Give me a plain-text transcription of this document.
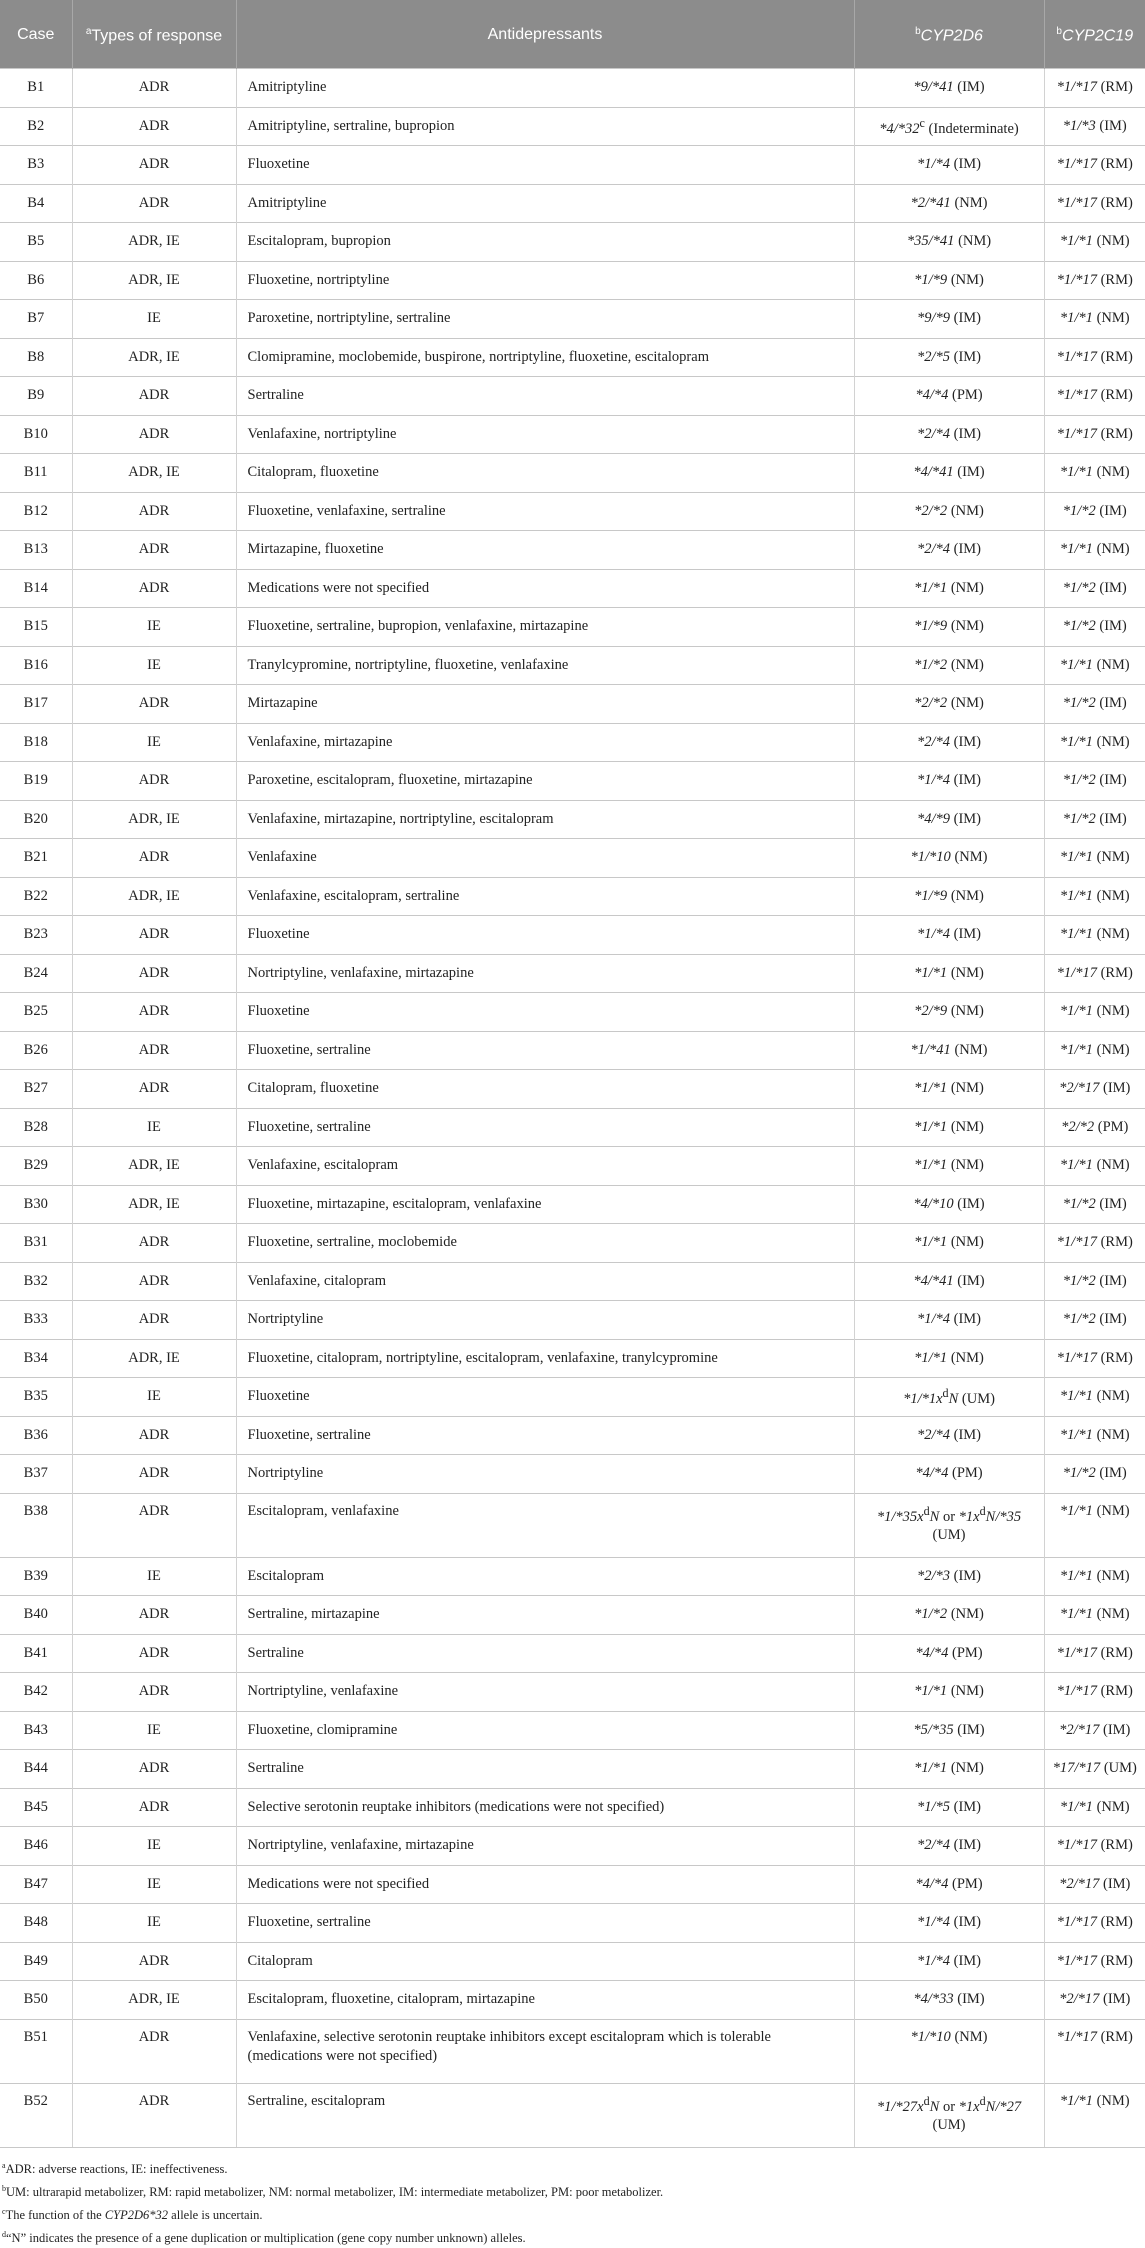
Case	$^a$Types of response	Antidepressants	$^b$CYP2D6	$^b$CYP2C19
B1	ADR	Amitriptyline	*9/*41 (IM)	*1/*17 (RM)
B2	ADR	Amitriptyline, sertraline, bupropion	*4/*32$^c$ (Indeterminate)	*1/*3 (IM)
B3	ADR	Fluoxetine	*1/*4 (IM)	*1/*17 (RM)
B4	ADR	Amitriptyline	*2/*41 (NM)	*1/*17 (RM)
B5	ADR, IE	Escitalopram, bupropion	*35/*41 (NM)	*1/*1 (NM)
B6	ADR, IE	Fluoxetine, nortriptyline	*1/*9 (NM)	*1/*17 (RM)
B7	IE	Paroxetine, nortriptyline, sertraline	*9/*9 (IM)	*1/*1 (NM)
B8	ADR, IE	Clomipramine, moclobemide, buspirone, nortriptyline, fluoxetine, escitalopram	*2/*5 (IM)	*1/*17 (RM)
B9	ADR	Sertraline	*4/*4 (PM)	*1/*17 (RM)
B10	ADR	Venlafaxine, nortriptyline	*2/*4 (IM)	*1/*17 (RM)
B11	ADR, IE	Citalopram, fluoxetine	*4/*41 (IM)	*1/*1 (NM)
B12	ADR	Fluoxetine, venlafaxine, sertraline	*2/*2 (NM)	*1/*2 (IM)
B13	ADR	Mirtazapine, fluoxetine	*2/*4 (IM)	*1/*1 (NM)
B14	ADR	Medications were not specified	*1/*1 (NM)	*1/*2 (IM)
B15	IE	Fluoxetine, sertraline, bupropion, venlafaxine, mirtazapine	*1/*9 (NM)	*1/*2 (IM)
B16	IE	Tranylcypromine, nortriptyline, fluoxetine, venlafaxine	*1/*2 (NM)	*1/*1 (NM)
B17	ADR	Mirtazapine	*2/*2 (NM)	*1/*2 (IM)
B18	IE	Venlafaxine, mirtazapine	*2/*4 (IM)	*1/*1 (NM)
B19	ADR	Paroxetine, escitalopram, fluoxetine, mirtazapine	*1/*4 (IM)	*1/*2 (IM)
B20	ADR, IE	Venlafaxine, mirtazapine, nortriptyline, escitalopram	*4/*9 (IM)	*1/*2 (IM)
B21	ADR	Venlafaxine	*1/*10 (NM)	*1/*1 (NM)
B22	ADR, IE	Venlafaxine, escitalopram, sertraline	*1/*9 (NM)	*1/*1 (NM)
B23	ADR	Fluoxetine	*1/*4 (IM)	*1/*1 (NM)
B24	ADR	Nortriptyline, venlafaxine, mirtazapine	*1/*1 (NM)	*1/*17 (RM)
B25	ADR	Fluoxetine	*2/*9 (NM)	*1/*1 (NM)
B26	ADR	Fluoxetine, sertraline	*1/*41 (NM)	*1/*1 (NM)
B27	ADR	Citalopram, fluoxetine	*1/*1 (NM)	*2/*17 (IM)
B28	IE	Fluoxetine, sertraline	*1/*1 (NM)	*2/*2 (PM)
B29	ADR, IE	Venlafaxine, escitalopram	*1/*1 (NM)	*1/*1 (NM)
B30	ADR, IE	Fluoxetine, mirtazapine, escitalopram, venlafaxine	*4/*10 (IM)	*1/*2 (IM)
B31	ADR	Fluoxetine, sertraline, moclobemide	*1/*1 (NM)	*1/*17 (RM)
B32	ADR	Venlafaxine, citalopram	*4/*41 (IM)	*1/*2 (IM)
B33	ADR	Nortriptyline	*1/*4 (IM)	*1/*2 (IM)
B34	ADR, IE	Fluoxetine, citalopram, nortriptyline, escitalopram, venlafaxine, tranylcypromine	*1/*1 (NM)	*1/*17 (RM)
B35	IE	Fluoxetine	$*1/*1x^dN$ (UM)	*1/*1 (NM)
B36	ADR	Fluoxetine, sertraline	*2/*4 (IM)	*1/*1 (NM)
B37	ADR	Nortriptyline	*4/*4 (PM)	*1/*2 (IM)
B38	ADR	Escitalopram, venlafaxine	$*1/*35x^dN$ or $*1x^dN/*35$ (UM)	*1/*1 (NM)
B39	IE	Escitalopram	*2/*3 (IM)	*1/*1 (NM)
B40	ADR	Sertraline, mirtazapine	*1/*2 (NM)	*1/*1 (NM)
B41	ADR	Sertraline	*4/*4 (PM)	*1/*17 (RM)
B42	ADR	Nortriptyline, venlafaxine	*1/*1 (NM)	*1/*17 (RM)
B43	IE	Fluoxetine, clomipramine	*5/*35 (IM)	*2/*17 (IM)
B44	ADR	Sertraline	*1/*1 (NM)	*17/*17 (UM)
B45	ADR	Selective serotonin reuptake inhibitors (medications were not specified)	*1/*5 (IM)	*1/*1 (NM)
B46	IE	Nortriptyline, venlafaxine, mirtazapine	*2/*4 (IM)	*1/*17 (RM)
B47	IE	Medications were not specified	*4/*4 (PM)	*2/*17 (IM)
B48	IE	Fluoxetine, sertraline	*1/*4 (IM)	*1/*17 (RM)
B49	ADR	Citalopram	*1/*4 (IM)	*1/*17 (RM)
B50	ADR, IE	Escitalopram, fluoxetine, citalopram, mirtazapine	*4/*33 (IM)	*2/*17 (IM)
B51	ADR	Venlafaxine, selective serotonin reuptake inhibitors except escitalopram which is tolerable (medications were not specified)	*1/*10 (NM)	*1/*17 (RM)
B52	ADR	Sertraline, escitalopram	$*1/*27x^dN$ or $*1x^dN/*27$ (UM)	*1/*1 (NM)
$^a$ADR: adverse reactions, IE: ineffectiveness.
$^b$UM: ultrarapid metabolizer, RM: rapid metabolizer, NM: normal metabolizer, IM: intermediate metabolizer, PM: poor metabolizer.
$^c$The function of the CYP2D6*32 allele is uncertain.
$^d$“N” indicates the presence of a gene duplication or multiplication (gene copy number unknown) alleles.
